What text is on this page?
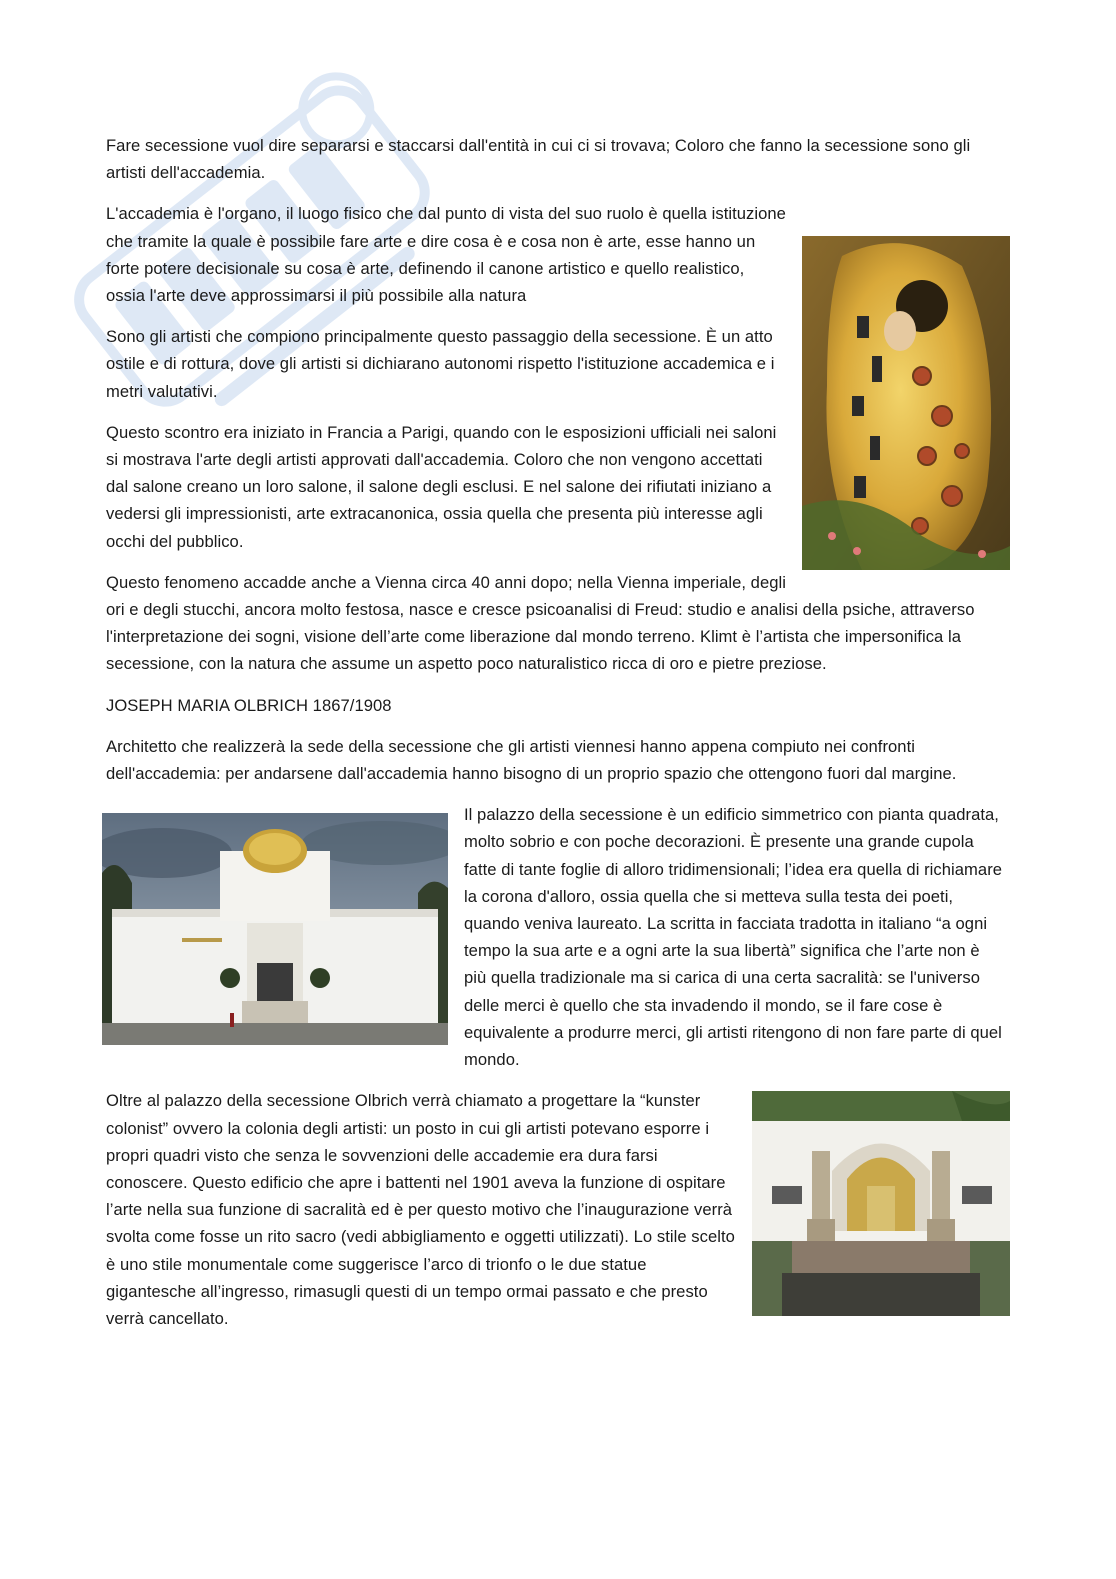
Fare secessione vuol dire separarsi e staccarsi dall'entità in cui ci si trovava; Coloro che fanno la secessione sono gli artisti dell'accademia.

L'accademia è l'organo, il luogo fisico che dal punto di vista del suo ruolo è quella istituzione che tramite la quale è possibile fare arte e dire cosa è e cosa non è arte, esse hanno un forte potere decisionale su cosa è arte, definendo il canone artistico e quello realistico, ossia l'arte deve approssimarsi il più possibile alla natura

Sono gli artisti che compiono principalmente questo passaggio della secessione. È un atto ostile e di rottura, dove gli artisti si dichiarano autonomi rispetto l'istituzione accademica e i metri valutativi.

Questo scontro era iniziato in Francia a Parigi, quando con le esposizioni ufficiali nei saloni si mostrava l'arte degli artisti approvati dall'accademia. Coloro che non vengono accettati dal salone creano un loro salone, il salone degli esclusi. E nel salone dei rifiutati iniziano a vedersi gli impressionisti, arte extracanonica, ossia quella che presenta più interesse agli occhi del pubblico.

Questo fenomeno accadde anche a Vienna circa 40 anni dopo; nella Vienna imperiale, degli ori e degli stucchi, ancora molto festosa, nasce e cresce psicoanalisi di Freud: studio e analisi della psiche, attraverso l'interpretazione dei sogni, visione dell’arte come liberazione dal mondo terreno. Klimt è l’artista che impersonifica la secessione, con la natura che assume un aspetto poco naturalistico ricca di oro e pietre preziose.

JOSEPH MARIA OLBRICH 1867/1908

Architetto che realizzerà la sede della secessione che gli artisti viennesi hanno appena compiuto nei confronti dell'accademia: per andarsene dall'accademia hanno bisogno di un proprio spazio che ottengono fuori dal margine.

Il palazzo della secessione è un edificio simmetrico con pianta quadrata, molto sobrio e con poche decorazioni. È presente una grande cupola fatte di tante foglie di alloro tridimensionali; l’idea era quella di richiamare la corona d'alloro, ossia quella che si metteva sulla testa dei poeti, quando veniva laureato. La scritta in facciata tradotta in italiano “a ogni tempo la sua arte e a ogni arte la sua libertà” significa che l’arte non è più quella tradizionale ma si carica di una certa sacralità: se l'universo delle merci è quello che sta invadendo il mondo, se il fare cose è equivalente a produrre merci, gli artisti ritengono di non fare parte di quel mondo.

Oltre al palazzo della secessione Olbrich verrà chiamato a progettare la “kunster colonist” ovvero la colonia degli artisti: un posto in cui gli artisti potevano esporre i propri quadri visto che senza le sovvenzioni delle accademie era dura farsi conoscere. Questo edificio che apre i battenti nel 1901 aveva la funzione di ospitare l’arte nella sua funzione di sacralità ed è per questo motivo che l’inaugurazione verrà svolta come fosse un rito sacro (vedi abbigliamento e oggetti utilizzati). Lo stile scelto è uno stile monumentale come suggerisce l’arco di trionfo o le due statue gigantesche all’ingresso, rimasugli questi di un tempo ormai passato e che presto verrà cancellato.
